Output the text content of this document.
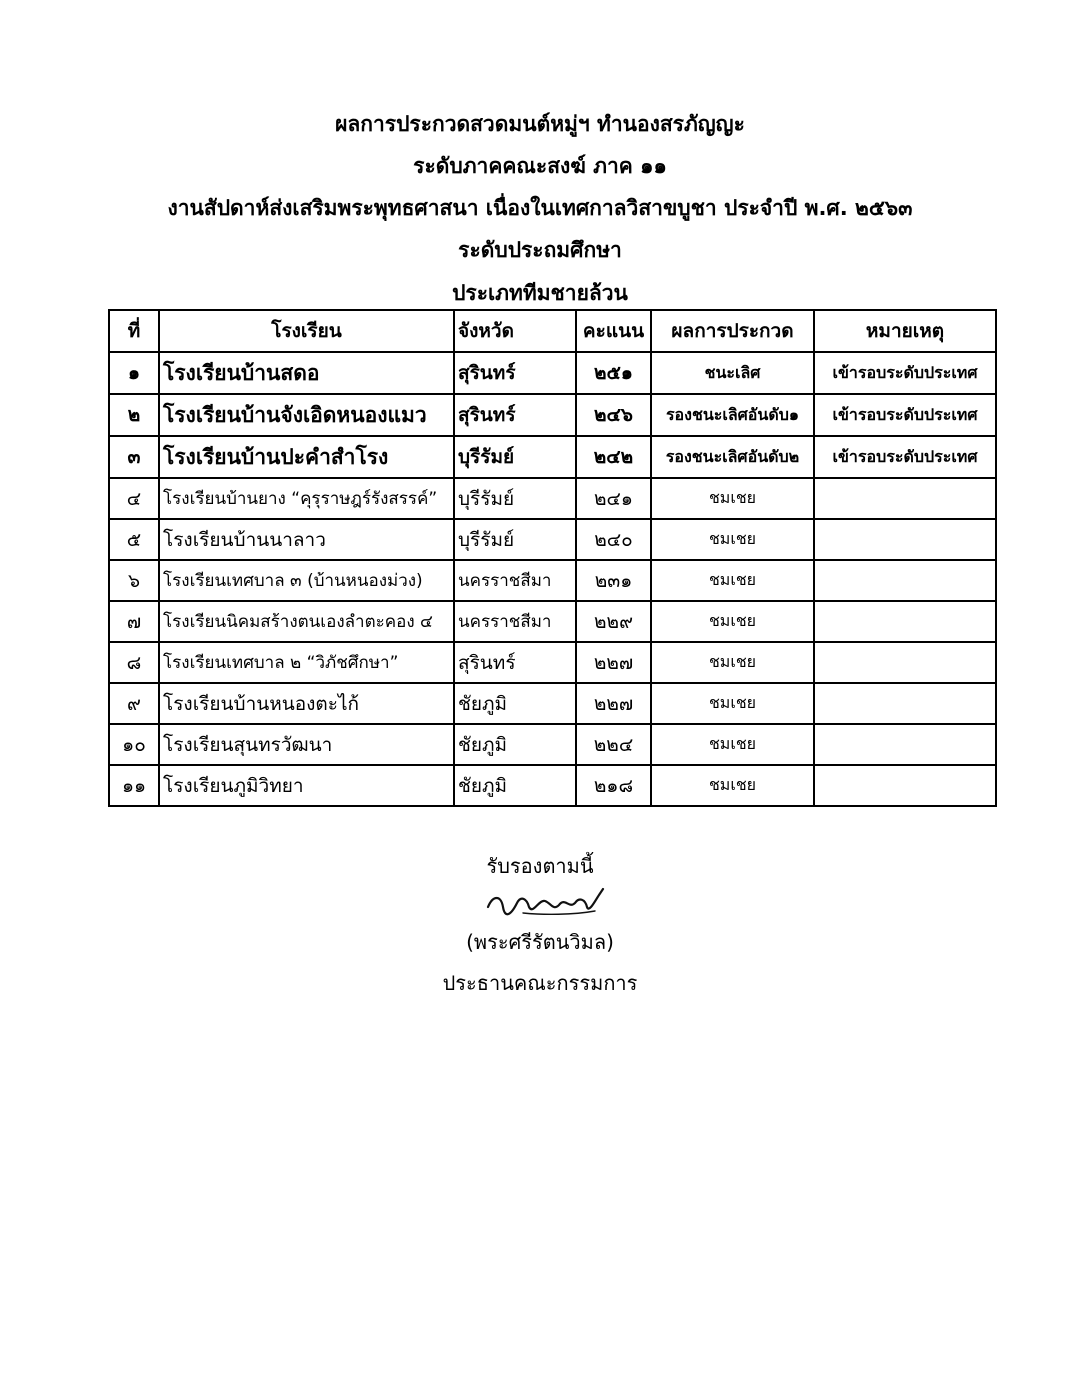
ผลการประกวดสวดมนต์หมู่ฯ ทำนองสรภัญญะ
ระดับภาคคณะสงฆ์ ภาค ๑๑
งานสัปดาห์ส่งเสริมพระพุทธศาสนา เนื่องในเทศกาลวิสาขบูชา ประจำปี พ.ศ. ๒๕๖๓
ระดับประถมศึกษา
ประเภททีมชายล้วน
ที่	โรงเรียน	จังหวัด	คะแนน	ผลการประกวด	หมายเหตุ
๑	โรงเรียนบ้านสดอ	สุรินทร์	๒๕๑	ชนะเลิศ	เข้ารอบระดับประเทศ
๒	โรงเรียนบ้านจังเอิดหนองแมว	สุรินทร์	๒๔๖	รองชนะเลิศอันดับ๑	เข้ารอบระดับประเทศ
๓	โรงเรียนบ้านปะคำสำโรง	บุรีรัมย์	๒๔๒	รองชนะเลิศอันดับ๒	เข้ารอบระดับประเทศ
๔	โรงเรียนบ้านยาง “คุรุราษฎร์รังสรรค์”	บุรีรัมย์	๒๔๑	ชมเชย	
๕	โรงเรียนบ้านนาลาว	บุรีรัมย์	๒๔๐	ชมเชย	
๖	โรงเรียนเทศบาล ๓ (บ้านหนองม่วง)	นครราชสีมา	๒๓๑	ชมเชย	
๗	โรงเรียนนิคมสร้างตนเองลำตะคอง ๔	นครราชสีมา	๒๒๙	ชมเชย	
๘	โรงเรียนเทศบาล ๒ “วิภัชศึกษา”	สุรินทร์	๒๒๗	ชมเชย	
๙	โรงเรียนบ้านหนองตะไก้	ชัยภูมิ	๒๒๗	ชมเชย	
๑๐	โรงเรียนสุนทรวัฒนา	ชัยภูมิ	๒๒๔	ชมเชย	
๑๑	โรงเรียนภูมิวิทยา	ชัยภูมิ	๒๑๘	ชมเชย	
รับรองตามนี้
(พระศรีรัตนวิมล)
ประธานคณะกรรมการ
